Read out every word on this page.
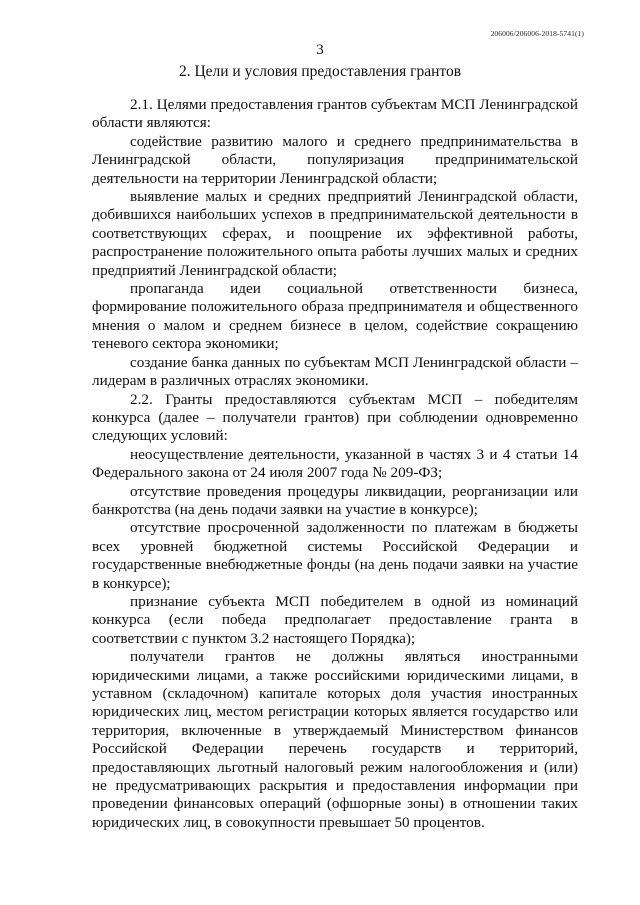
206006/206006-2018-5741(1)
3
2. Цели и условия предоставления грантов

2.1. Целями предоставления грантов субъектам МСП Ленинградской области являются:

содействие развитию малого и среднего предпринимательства в Ленинградской области, популяризация предпринимательской деятельности на территории Ленинградской области;

выявление малых и средних предприятий Ленинградской области, добившихся наибольших успехов в предпринимательской деятельности в соответствующих сферах, и поощрение их эффективной работы, распространение положительного опыта работы лучших малых и средних предприятий Ленинградской области;

пропаганда идеи социальной ответственности бизнеса, формирование положительного образа предпринимателя и общественного мнения о малом и среднем бизнесе в целом, содействие сокращению теневого сектора экономики;

создание банка данных по субъектам МСП Ленинградской области – лидерам в различных отраслях экономики.

2.2. Гранты предоставляются субъектам МСП – победителям конкурса (далее – получатели грантов) при соблюдении одновременно следующих условий:

неосуществление деятельности, указанной в частях 3 и 4 статьи 14 Федерального закона от 24 июля 2007 года № 209-ФЗ;

отсутствие проведения процедуры ликвидации, реорганизации или банкротства (на день подачи заявки на участие в конкурсе);

отсутствие просроченной задолженности по платежам в бюджеты всех уровней бюджетной системы Российской Федерации и государственные внебюджетные фонды (на день подачи заявки на участие в конкурсе);

признание субъекта МСП победителем в одной из номинаций конкурса (если победа предполагает предоставление гранта в соответствии с пунктом 3.2 настоящего Порядка);

получатели грантов не должны являться иностранными юридическими лицами, а также российскими юридическими лицами, в уставном (складочном) капитале которых доля участия иностранных юридических лиц, местом регистрации которых является государство или территория, включенные в утверждаемый Министерством финансов Российской Федерации перечень государств и территорий, предоставляющих льготный налоговый режим налогообложения и (или) не предусматривающих раскрытия и предоставления информации при проведении финансовых операций (офшорные зоны) в отношении таких юридических лиц, в совокупности превышает 50 процентов.
